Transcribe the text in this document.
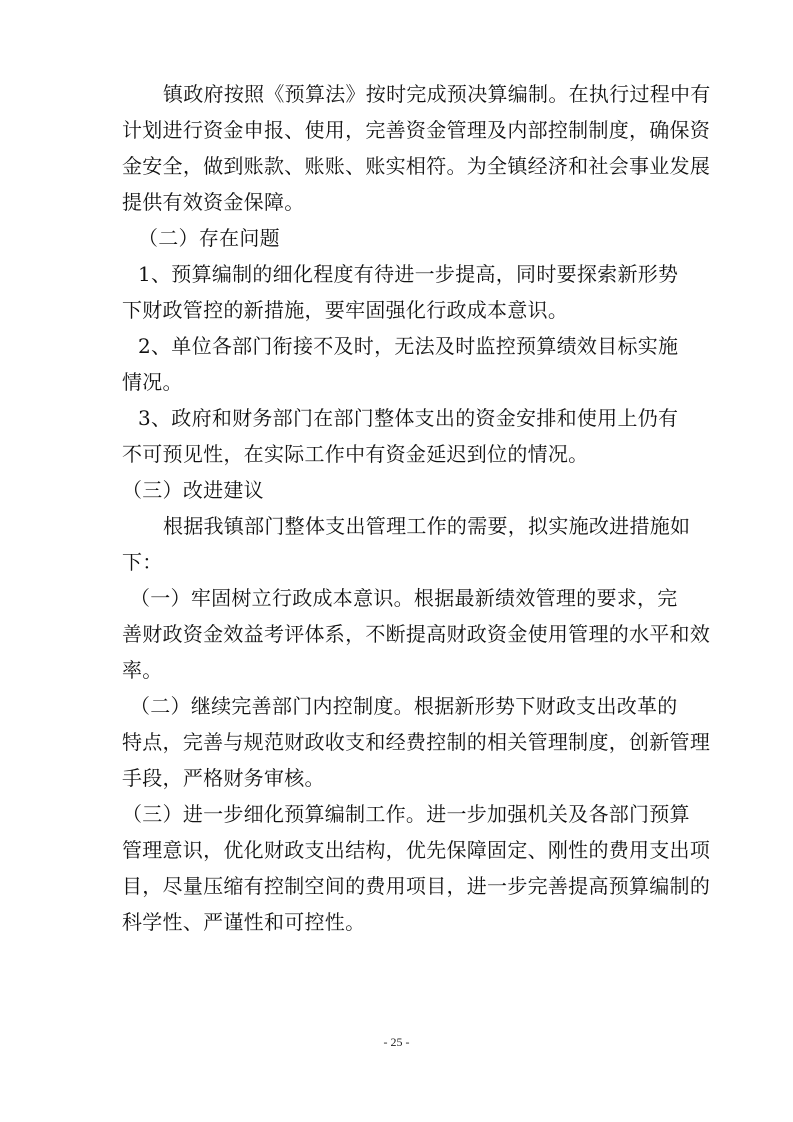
镇政府按照《预算法》按时完成预决算编制。在执行过程中有
计划进行资金申报、使用，完善资金管理及内部控制制度，确保资
金安全，做到账款、账账、账实相符。为全镇经济和社会事业发展
提供有效资金保障。
（二）存在问题
1、预算编制的细化程度有待进一步提高，同时要探索新形势
下财政管控的新措施，要牢固强化行政成本意识。
2、单位各部门衔接不及时，无法及时监控预算绩效目标实施
情况。
3、政府和财务部门在部门整体支出的资金安排和使用上仍有
不可预见性，在实际工作中有资金延迟到位的情况。
（三）改进建议
根据我镇部门整体支出管理工作的需要，拟实施改进措施如
下：
（一）牢固树立行政成本意识。根据最新绩效管理的要求，完
善财政资金效益考评体系，不断提高财政资金使用管理的水平和效
率。
（二）继续完善部门内控制度。根据新形势下财政支出改革的
特点，完善与规范财政收支和经费控制的相关管理制度，创新管理
手段，严格财务审核。
（三）进一步细化预算编制工作。进一步加强机关及各部门预算
管理意识，优化财政支出结构，优先保障固定、刚性的费用支出项
目，尽量压缩有控制空间的费用项目，进一步完善提高预算编制的
科学性、严谨性和可控性。
- 25 -
